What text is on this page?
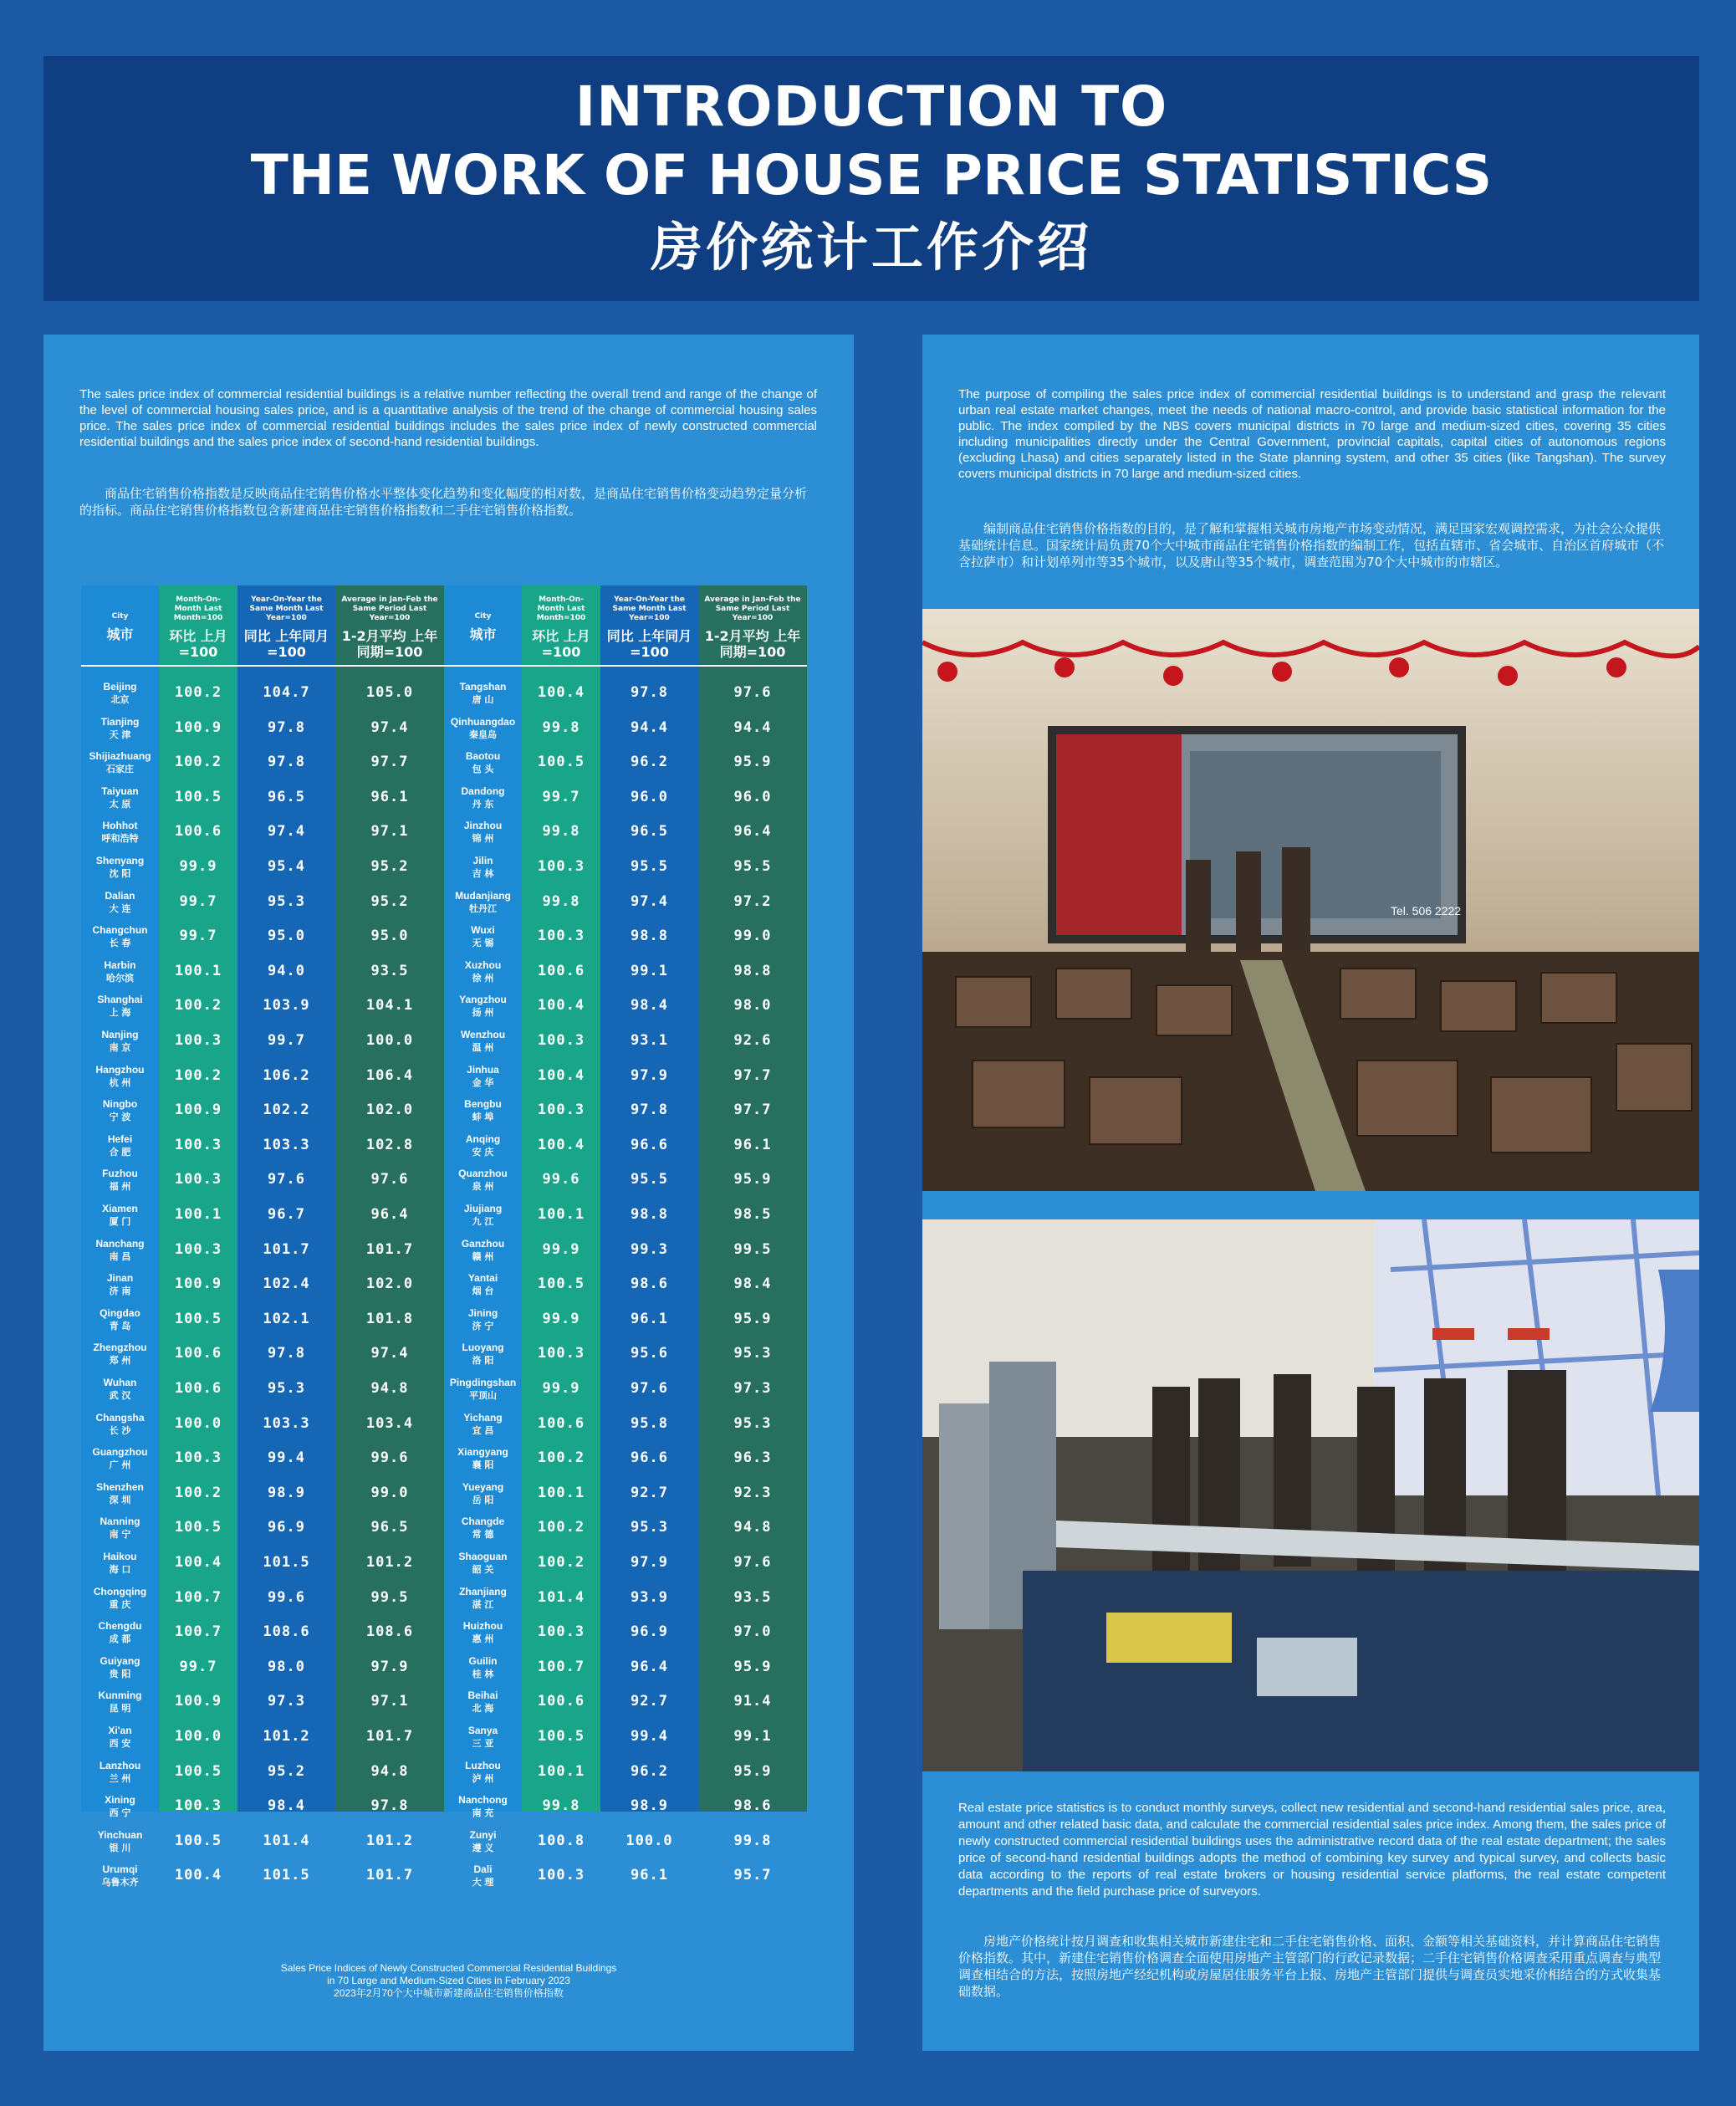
INTRODUCTION TO
THE WORK OF HOUSE PRICE STATISTICS
房价统计工作介绍
The sales price index of commercial residential buildings is a relative number reflecting the overall trend and range of the change of the level of commercial housing sales price, and is a quantitative analysis of the trend of the change of commercial housing sales price. The sales price index of commercial residential buildings includes the sales price index of newly constructed commercial residential buildings and the sales price index of second-hand residential buildings.
商品住宅销售价格指数是反映商品住宅销售价格水平整体变化趋势和变化幅度的相对数，是商品住宅销售价格变动趋势定量分析的指标。商品住宅销售价格指数包含新建商品住宅销售价格指数和二手住宅销售价格指数。
City
城市
Beijing
北京
Tianjing
天 津
Shijiazhuang
石家庄
Taiyuan
太 原
Hohhot
呼和浩特
Shenyang
沈 阳
Dalian
大 连
Changchun
长 春
Harbin
哈尔滨
Shanghai
上 海
Nanjing
南 京
Hangzhou
杭 州
Ningbo
宁 波
Hefei
合 肥
Fuzhou
福 州
Xiamen
厦 门
Nanchang
南 昌
Jinan
济 南
Qingdao
青 岛
Zhengzhou
郑 州
Wuhan
武 汉
Changsha
长 沙
Guangzhou
广 州
Shenzhen
深 圳
Nanning
南 宁
Haikou
海 口
Chongqing
重 庆
Chengdu
成 都
Guiyang
贵 阳
Kunming
昆 明
Xi'an
西 安
Lanzhou
兰 州
Xining
西 宁
Yinchuan
银 川
Urumqi
乌鲁木齐
Month-On-Month Last Month=100
环比 上月=100
100.2
100.9
100.2
100.5
100.6
99.9
99.7
99.7
100.1
100.2
100.3
100.2
100.9
100.3
100.3
100.1
100.3
100.9
100.5
100.6
100.6
100.0
100.3
100.2
100.5
100.4
100.7
100.7
99.7
100.9
100.0
100.5
100.3
100.5
100.4
Year-On-Year the Same Month Last Year=100
同比 上年同月=100
104.7
97.8
97.8
96.5
97.4
95.4
95.3
95.0
94.0
103.9
99.7
106.2
102.2
103.3
97.6
96.7
101.7
102.4
102.1
97.8
95.3
103.3
99.4
98.9
96.9
101.5
99.6
108.6
98.0
97.3
101.2
95.2
98.4
101.4
101.5
Average in Jan-Feb the Same Period Last Year=100
1-2月平均 上年同期=100
105.0
97.4
97.7
96.1
97.1
95.2
95.2
95.0
93.5
104.1
100.0
106.4
102.0
102.8
97.6
96.4
101.7
102.0
101.8
97.4
94.8
103.4
99.6
99.0
96.5
101.2
99.5
108.6
97.9
97.1
101.7
94.8
97.8
101.2
101.7
City
城市
Tangshan
唐 山
Qinhuangdao
秦皇岛
Baotou
包 头
Dandong
丹 东
Jinzhou
锦 州
Jilin
吉 林
Mudanjiang
牡丹江
Wuxi
无 锡
Xuzhou
徐 州
Yangzhou
扬 州
Wenzhou
温 州
Jinhua
金 华
Bengbu
蚌 埠
Anqing
安 庆
Quanzhou
泉 州
Jiujiang
九 江
Ganzhou
赣 州
Yantai
烟 台
Jining
济 宁
Luoyang
洛 阳
Pingdingshan
平顶山
Yichang
宜 昌
Xiangyang
襄 阳
Yueyang
岳 阳
Changde
常 德
Shaoguan
韶 关
Zhanjiang
湛 江
Huizhou
惠 州
Guilin
桂 林
Beihai
北 海
Sanya
三 亚
Luzhou
泸 州
Nanchong
南 充
Zunyi
遵 义
Dali
大 理
Month-On-Month Last Month=100
环比 上月=100
100.4
99.8
100.5
99.7
99.8
100.3
99.8
100.3
100.6
100.4
100.3
100.4
100.3
100.4
99.6
100.1
99.9
100.5
99.9
100.3
99.9
100.6
100.2
100.1
100.2
100.2
101.4
100.3
100.7
100.6
100.5
100.1
99.8
100.8
100.3
Year-On-Year the Same Month Last Year=100
同比 上年同月=100
97.8
94.4
96.2
96.0
96.5
95.5
97.4
98.8
99.1
98.4
93.1
97.9
97.8
96.6
95.5
98.8
99.3
98.6
96.1
95.6
97.6
95.8
96.6
92.7
95.3
97.9
93.9
96.9
96.4
92.7
99.4
96.2
98.9
100.0
96.1
Average in Jan-Feb the Same Period Last Year=100
1-2月平均 上年同期=100
97.6
94.4
95.9
96.0
96.4
95.5
97.2
99.0
98.8
98.0
92.6
97.7
97.7
96.1
95.9
98.5
99.5
98.4
95.9
95.3
97.3
95.3
96.3
92.3
94.8
97.6
93.5
97.0
95.9
91.4
99.1
95.9
98.6
99.8
95.7
Sales Price Indices of Newly Constructed Commercial Residential Buildings
in 70 Large and Medium-Sized Cities in February 2023
2023年2月70个大中城市新建商品住宅销售价格指数
The purpose of compiling the sales price index of commercial residential buildings is to understand and grasp the relevant urban real estate market changes, meet the needs of national macro-control, and provide basic statistical information for the public. The index compiled by the NBS covers municipal districts in 70 large and medium-sized cities, covering 35 cities including municipalities directly under the Central Government, provincial capitals, capital cities of autonomous regions (excluding Lhasa) and cities separately listed in the State planning system, and other 35 cities (like Tangshan). The survey covers municipal districts in 70 large and medium-sized cities.
编制商品住宅销售价格指数的目的，是了解和掌握相关城市房地产市场变动情况，满足国家宏观调控需求，为社会公众提供基础统计信息。国家统计局负责70个大中城市商品住宅销售价格指数的编制工作，包括直辖市、省会城市、自治区首府城市（不含拉萨市）和计划单列市等35个城市，以及唐山等35个城市，调查范围为70个大中城市的市辖区。
Tel. 506 2222
Real estate price statistics is to conduct monthly surveys, collect new residential and second-hand residential sales price, area, amount and other related basic data, and calculate the commercial residential sales price index. Among them, the sales price of newly constructed commercial residential buildings uses the administrative record data of the real estate department; the sales price of second-hand residential buildings adopts the method of combining key survey and typical survey, and collects basic data according to the reports of real estate brokers or housing residential service platforms, the real estate competent departments and the field purchase price of surveyors.
房地产价格统计按月调查和收集相关城市新建住宅和二手住宅销售价格、面积、金额等相关基础资料，并计算商品住宅销售价格指数。其中，新建住宅销售价格调查全面使用房地产主管部门的行政记录数据；二手住宅销售价格调查采用重点调查与典型调查相结合的方法，按照房地产经纪机构或房屋居住服务平台上报、房地产主管部门提供与调查员实地采价相结合的方式收集基础数据。
